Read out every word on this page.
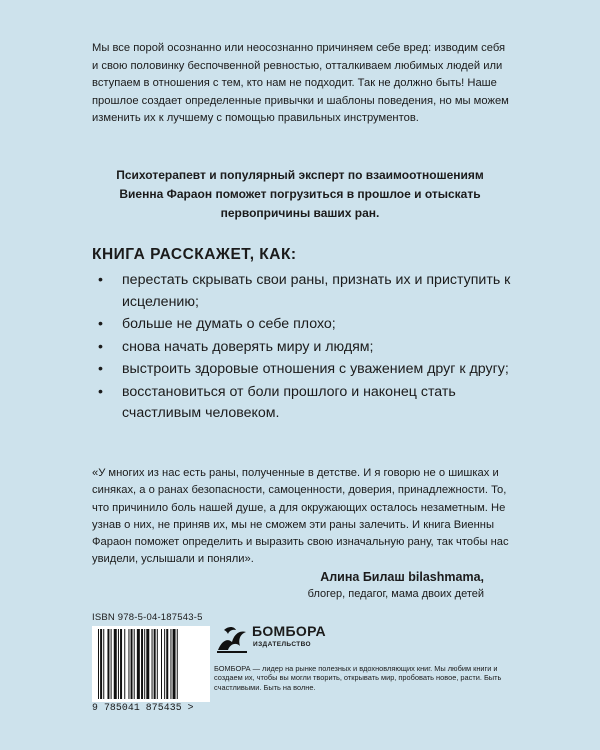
Мы все порой осознанно или неосознанно причиняем себе вред: изводим себя и свою половинку беспочвенной ревностью, отталкиваем любимых людей или вступаем в отношения с тем, кто нам не подходит. Так не должно быть! Наше прошлое создает определенные привычки и шаблоны поведения, но мы можем изменить их к лучшему с помощью правильных инструментов.

Психотерапевт и популярный эксперт по взаимоотношениям Виенна Фараон поможет погрузиться в прошлое и отыскать первопричины ваших ран.

КНИГА РАССКАЖЕТ, КАК:

• перестать скрывать свои раны, признать их и приступить к исцелению;
• больше не думать о себе плохо;
• снова начать доверять миру и людям;
• выстроить здоровые отношения с уважением друг к другу;
• восстановиться от боли прошлого и наконец стать счастливым человеком.

«У многих из нас есть раны, полученные в детстве. И я говорю не о шишках и синяках, а о ранах безопасности, самоценности, доверия, принадлежности. То, что причинило боль нашей душе, а для окружающих осталось незаметным. Не узнав о них, не приняв их, мы не сможем эти раны залечить. И книга Виенны Фараон поможет определить и выразить свою изначальную рану, так чтобы нас увидели, услышали и поняли».

Алина Билаш bilashmama,

блогер, педагог, мама двоих детей

ISBN 978-5-04-187543-5

9 785041 875435 >

БОМБОРА

ИЗДАТЕЛЬСТВО

БОМБОРА — лидер на рынке полезных и вдохновляющих книг. Мы любим книги и создаем их, чтобы вы могли творить, открывать мир, пробовать новое, расти. Быть счастливыми. Быть на волне.
